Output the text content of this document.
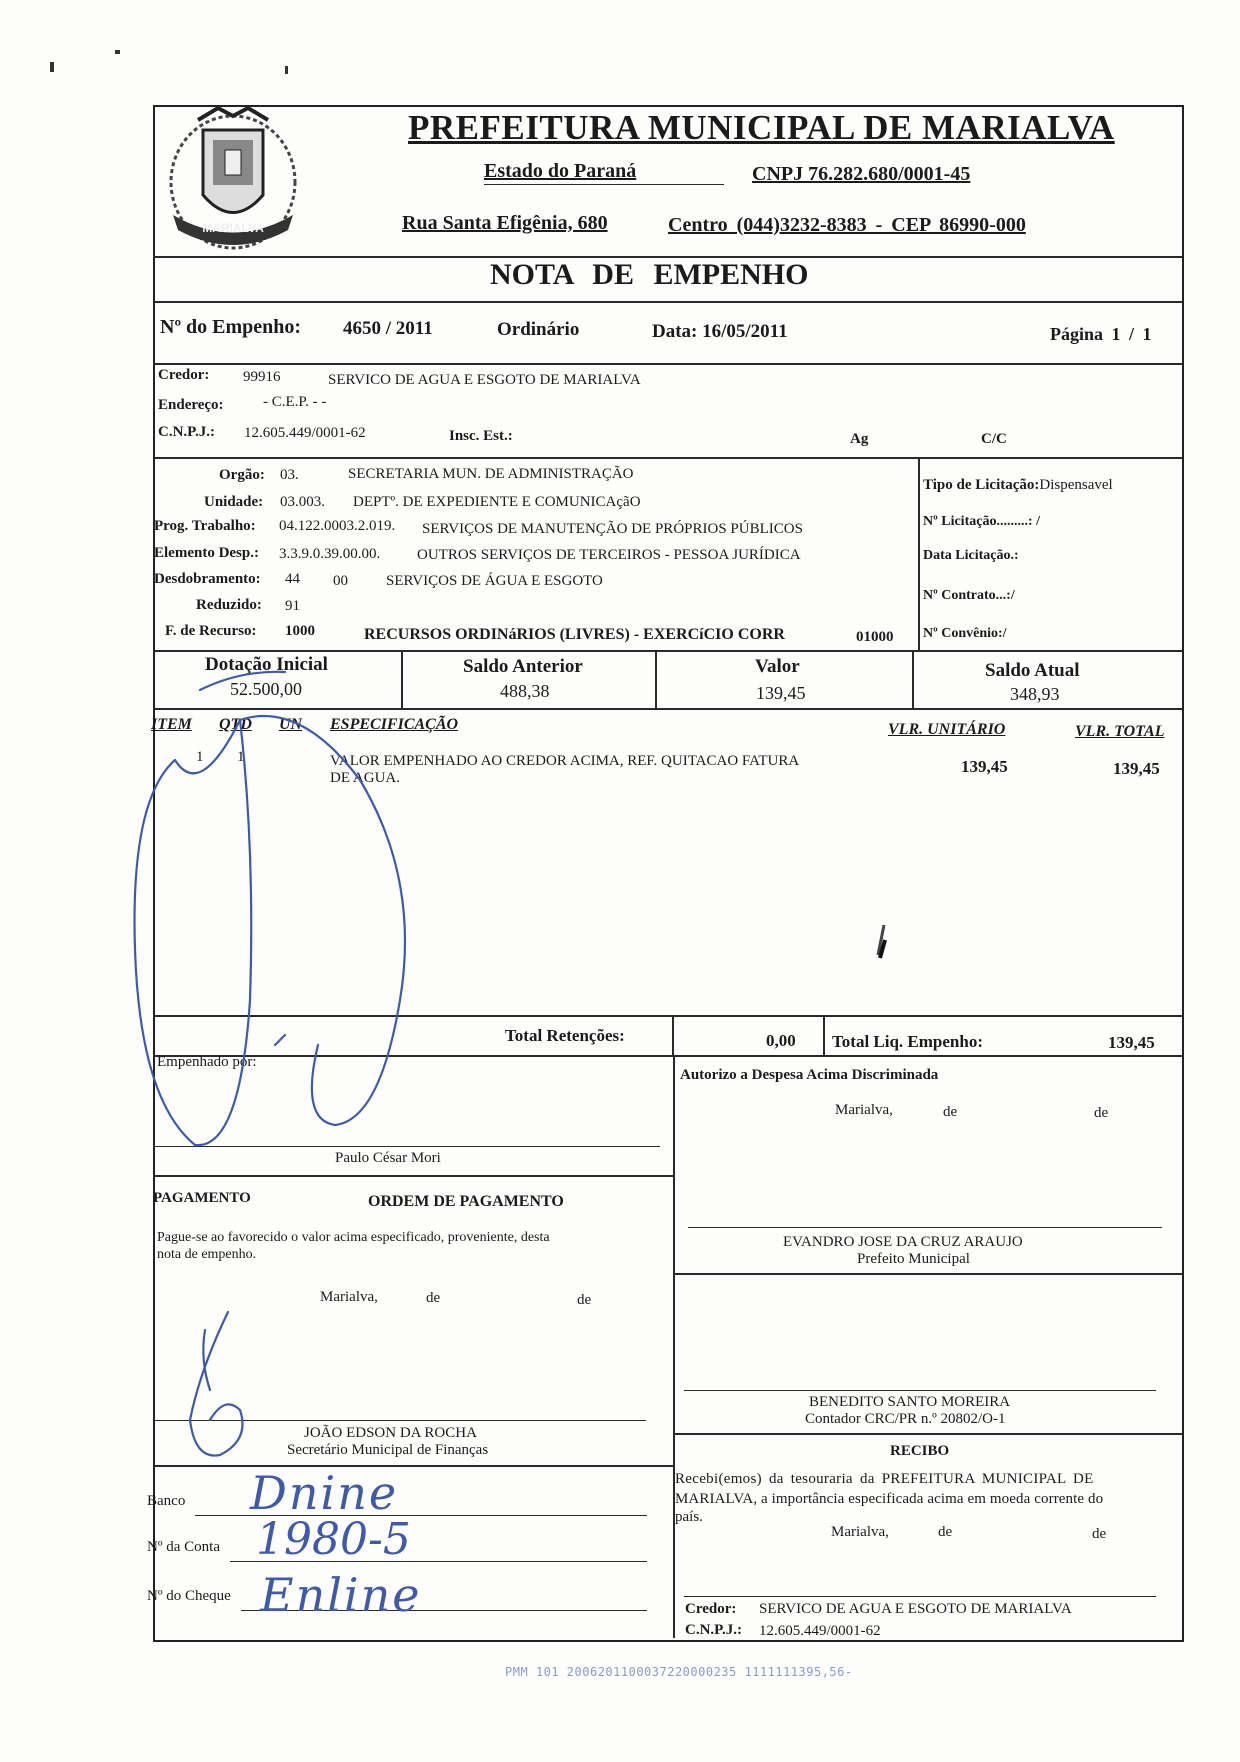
MARIALVA
PREFEITURA MUNICIPAL DE MARIALVA
Estado do Paraná	CNPJ 76.282.680/0001-45
Rua Santa Efigênia, 680	Centro (044)3232-8383 - CEP 86990-000
NOTA DE EMPENHO
Nº do Empenho: 4650 / 2011	Ordinário	Data: 16/05/2011	Página 1 / 1
Credor: 99916	SERVICO DE AGUA E ESGOTO DE MARIALVA
Endereço:	- C.E.P. - -
C.N.P.J.: 12.605.449/0001-62	Insc. Est.:	Ag	C/C
Orgão: 03.	SECRETARIA MUN. DE ADMINISTRAÇÃO
Unidade: 03.003. DEPTº. DE EXPEDIENTE E COMUNICAçãO
Prog. Trabalho: 04.122.0003.2.019. SERVIÇOS DE MANUTENÇÃO DE PRÓPRIOS PÚBLICOS
Elemento Desp.: 3.3.9.0.39.00.00. OUTROS SERVIÇOS DE TERCEIROS - PESSOA JURÍDICA
Desdobramento: 44 00	SERVIÇOS DE ÁGUA E ESGOTO
Reduzido: 91
F. de Recurso: 1000	RECURSOS ORDINáRIOS (LIVRES) - EXERCíCIO CORR	01000
Tipo de Licitação:Dispensavel
Nº Licitação.........: /
Data Licitação.:
Nº Contrato...:/
Nº Convênio:/
Dotação Inicial
52.500,00
Saldo Anterior
488,38
Valor
139,45
Saldo Atual
348,93
ITEM QTD UN ESPECIFICAÇÃO	VLR. UNITÁRIO	VLR. TOTAL
1 1	VALOR EMPENHADO AO CREDOR ACIMA, REF. QUITACAO FATURA
DE AGUA.
139,45	139,45
Total Retenções:	0,00 Total Liq. Empenho:	139,45
Empenhado por:
Paulo César Mori
Autorizo a Despesa Acima Discriminada
Marialva,	de	de
EVANDRO JOSE DA CRUZ ARAUJO
Prefeito Municipal
PAGAMENTO	ORDEM DE PAGAMENTO
Pague-se ao favorecido o valor acima especificado, proveniente, desta
nota de empenho.
Marialva,	de	de
JOÃO EDSON DA ROCHA
Secretário Municipal de Finanças
BENEDITO SANTO MOREIRA
Contador CRC/PR n.º 20802/O-1
RECIBO
Recebi(emos) da tesouraria da PREFEITURA MUNICIPAL DE
MARIALVA, a importância especificada acima em moeda corrente do
país.
Marialva,	de	de
Credor: SERVICO DE AGUA E ESGOTO DE MARIALVA
C.N.P.J.: 12.605.449/0001-62
Banco
Nº da Conta
Nº do Cheque
Dnine
1980-5
Enline
PMM 101 2006201100037220000235 1111111395,56-
